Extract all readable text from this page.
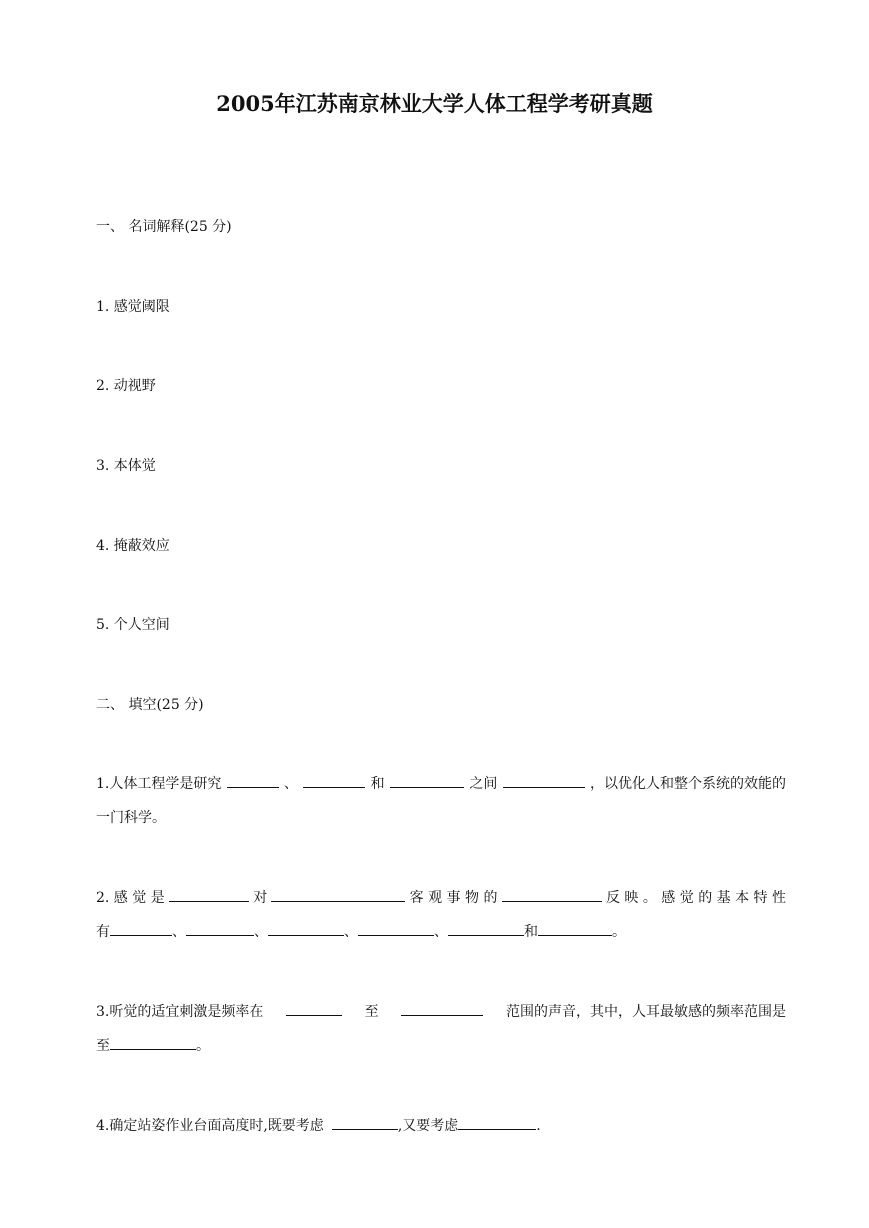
2005年江苏南京林业大学人体工程学考研真题
一、 名词解释(25 分)
1. 感觉阈限
2. 动视野
3. 本体觉
4. 掩蔽效应
5. 个人空间
二、 填空(25 分)
1.人体工程学是研究	、	和	之间	，以优化人和整个系统的效能的
一门科学。
2. 感 觉 是	对	客 观 事 物 的	反 映 。 感 觉 的 基 本 特 性
有	、	、	、	、	和	。
3.听觉的适宜刺激是频率在	至	范围的声音，其中，人耳最敏感的频率范围是
至	。
4.确定站姿作业台面高度时,既要考虑	,又要考虑	.
